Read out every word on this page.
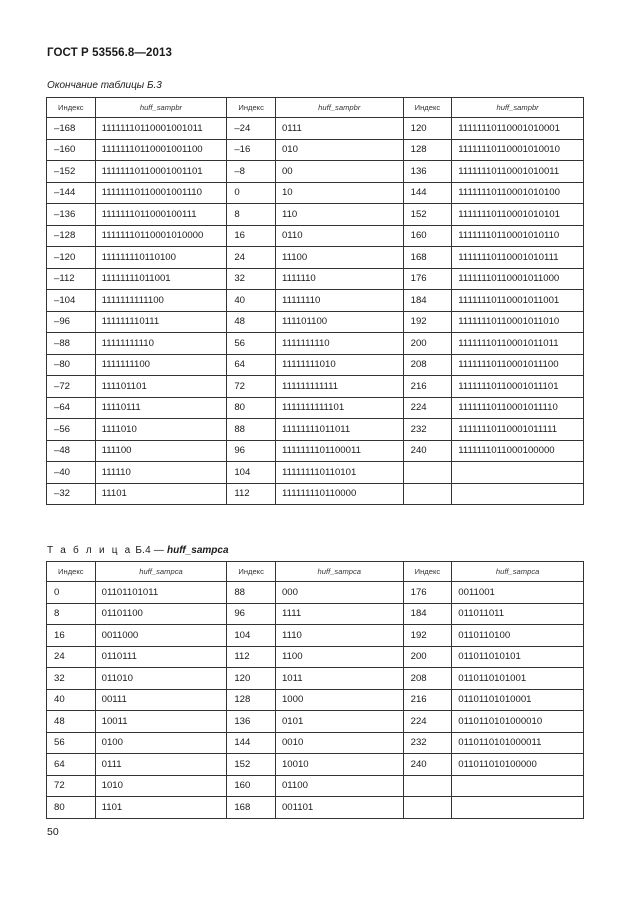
ГОСТ Р 53556.8—2013
Окончание таблицы Б.3
Индекс	huff_sampbr	Индекс	huff_sampbr	Индекс	huff_sampbr
–168	11111110110001001011	–24	0111	120	11111110110001010001
–160	11111110110001001100	–16	010	128	11111110110001010010
–152	11111110110001001101	–8	00	136	11111110110001010011
–144	11111110110001001110	0	10	144	11111110110001010100
–136	1111111011000100111	8	110	152	11111110110001010101
–128	11111110110001010000	16	0110	160	11111110110001010110
–120	111111110110100	24	11100	168	11111110110001010111
–112	11111111011001	32	1111110	176	11111110110001011000
–104	1111111111100	40	11111110	184	11111110110001011001
–96	111111110111	48	111101100	192	11111110110001011010
–88	11111111110	56	1111111110	200	11111110110001011011
–80	1111111100	64	11111111010	208	11111110110001011100
–72	111101101	72	111111111111	216	11111110110001011101
–64	11110111	80	1111111111101	224	11111110110001011110
–56	1111010	88	11111111011011	232	11111110110001011111
–48	111100	96	1111111101100011	240	1111111011000100000
–40	111110	104	111111110110101		
–32	11101	112	111111110110000		
Т а б л и ц а Б.4 — huff_sampca
Индекс	huff_sampca	Индекс	huff_sampca	Индекс	huff_sampca
0	01101101011	88	000	176	0011001
8	01101100	96	1111	184	011011011
16	0011000	104	1110	192	0110110100
24	0110111	112	1100	200	011011010101
32	011010	120	1011	208	0110110101001
40	00111	128	1000	216	01101101010001
48	10011	136	0101	224	0110110101000010
56	0100	144	0010	232	0110110101000011
64	0111	152	10010	240	011011010100000
72	1010	160	01100		
80	1101	168	001101		
50
